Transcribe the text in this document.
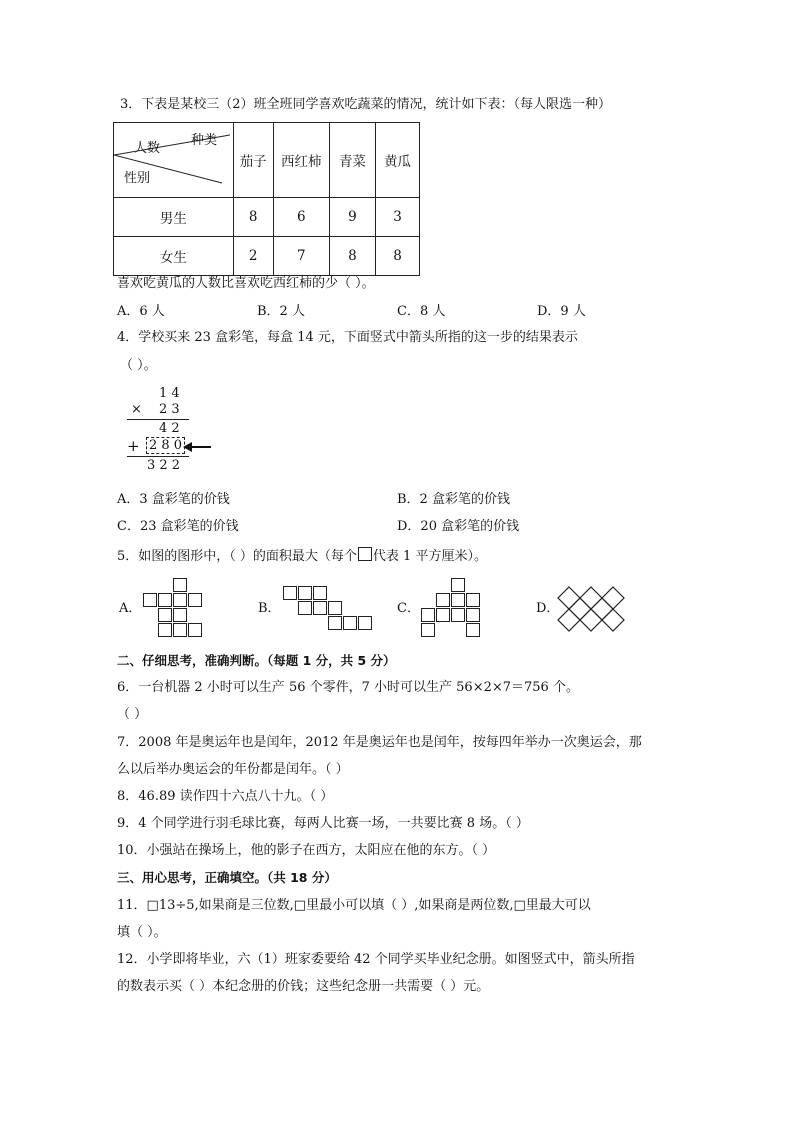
3．下表是某校三（2）班全班同学喜欢吃蔬菜的情况，统计如下表：（每人限选一种）
种类
人数
性别	茄子	西红柿	青菜	黄瓜
男生	8	6	9	3
女生	2	7	8	8
喜欢吃黄瓜的人数比喜欢吃西红柿的少（ ）。
A．6 人	B．2 人	C．8 人	D．9 人
4．学校买来 23 盒彩笔，每盒 14 元，下面竖式中箭头所指的这一步的结果表示
（ ）。
1 4
× 2 3
4 2
+ 2 8 0
3 2 2
A．3 盒彩笔的价钱	B．2 盒彩笔的价钱
C．23 盒彩笔的价钱	D．20 盒彩笔的价钱
5．如图的图形中，（ ）的面积最大（每个 代表 1 平方厘米）。
A．	B．	C．	D．
二、仔细思考，准确判断。（每题 1 分，共 5 分）
6．一台机器 2 小时可以生产 56 个零件，7 小时可以生产 56×2×7＝756 个。
（ ）
7．2008 年是奥运年也是闰年，2012 年是奥运年也是闰年，按每四年举办一次奥运会，那
么以后举办奥运会的年份都是闰年。（ ）
8．46.89 读作四十六点八十九。（ ）
9．4 个同学进行羽毛球比赛，每两人比赛一场，一共要比赛 8 场。（ ）
10．小强站在操场上，他的影子在西方，太阳应在他的东方。（ ）
三、用心思考，正确填空。（共 18 分）
11．□13÷5,如果商是三位数,□里最小可以填（ ）,如果商是两位数,□里最大可以
填（ ）。
12．小学即将毕业，六（1）班家委要给 42 个同学买毕业纪念册。如图竖式中，箭头所指
的数表示买（ ）本纪念册的价钱；这些纪念册一共需要（ ）元。
